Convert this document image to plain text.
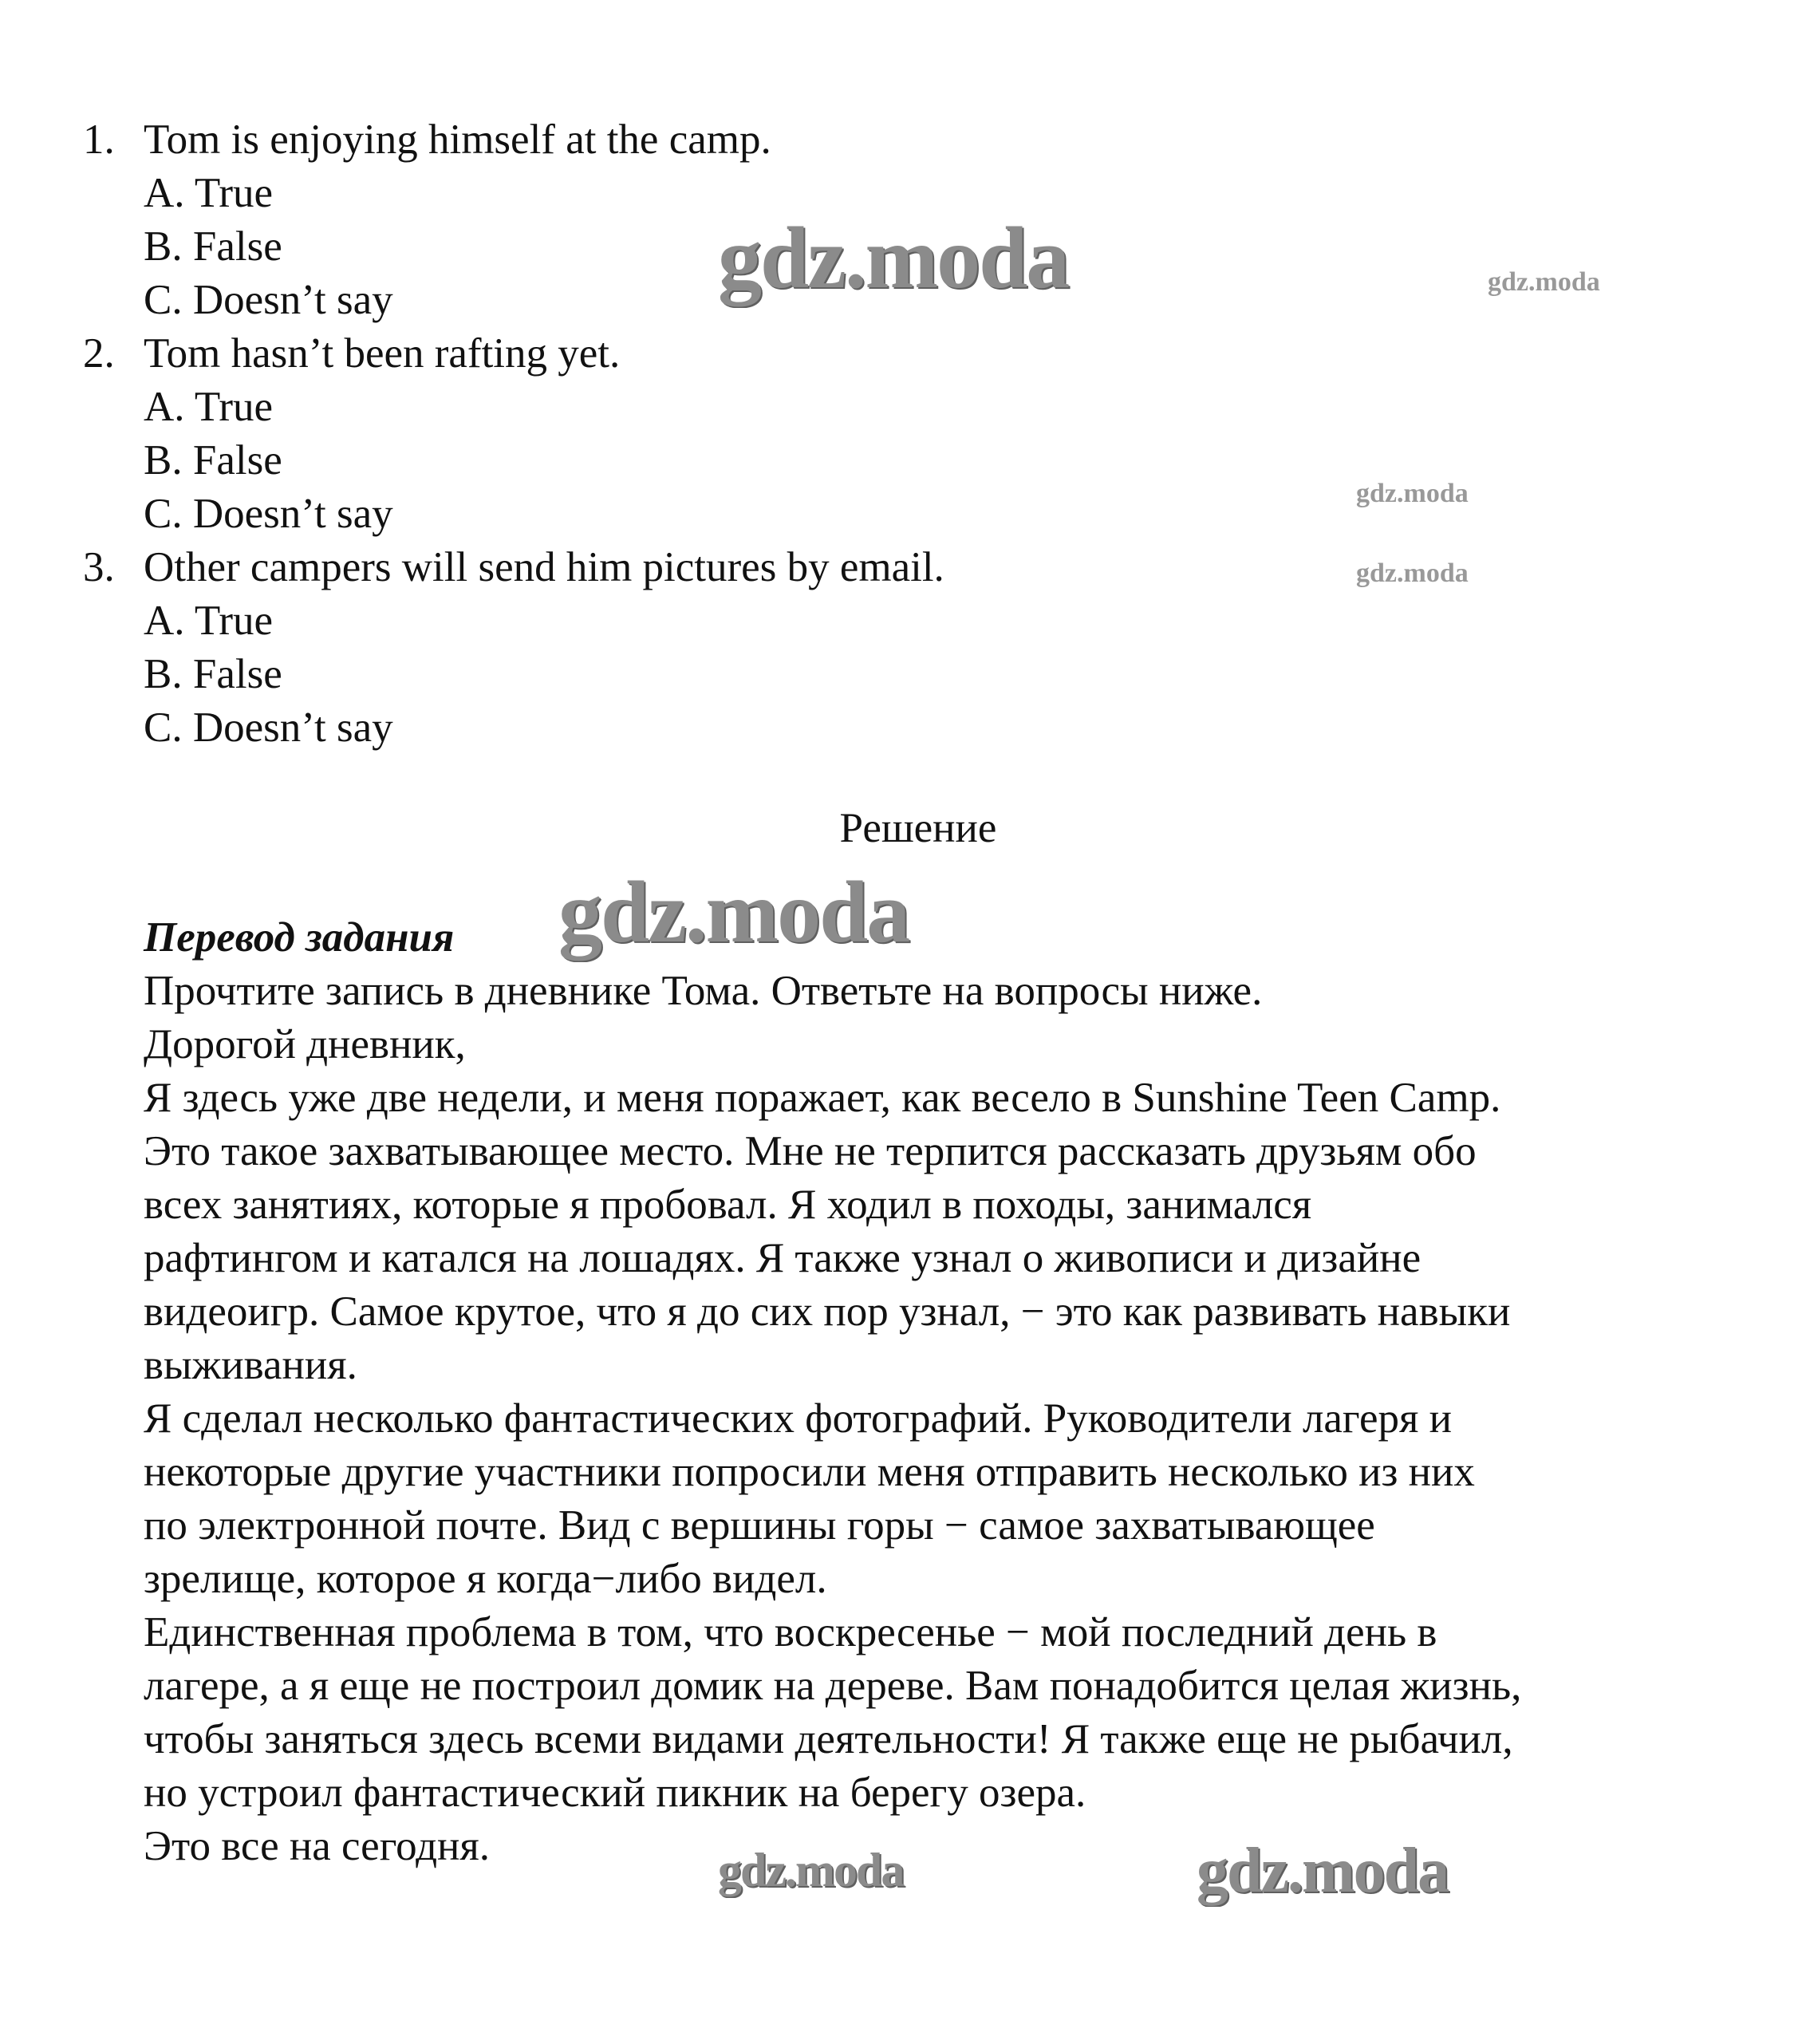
1. Tom is enjoying himself at the camp.
A. True
B. False
C. Doesn’t say
2. Tom hasn’t been rafting yet.
A. True
B. False
C. Doesn’t say
3. Other campers will send him pictures by email.
A. True
B. False
C. Doesn’t say
Решение
Перевод задания
Прочтите запись в дневнике Тома. Ответьте на вопросы ниже.
Дорогой дневник,
Я здесь уже две недели, и меня поражает, как весело в Sunshine Teen Camp.
Это такое захватывающее место. Мне не терпится рассказать друзьям обо
всех занятиях, которые я пробовал. Я ходил в походы, занимался
рафтингом и катался на лошадях. Я также узнал о живописи и дизайне
видеоигр. Самое крутое, что я до сих пор узнал, − это как развивать навыки
выживания.
Я сделал несколько фантастических фотографий. Руководители лагеря и
некоторые другие участники попросили меня отправить несколько из них
по электронной почте. Вид с вершины горы − самое захватывающее
зрелище, которое я когда−либо видел.
Единственная проблема в том, что воскресенье − мой последний день в
лагере, а я еще не построил домик на дереве. Вам понадобится целая жизнь,
чтобы заняться здесь всеми видами деятельности! Я также еще не рыбачил,
но устроил фантастический пикник на берегу озера.
Это все на сегодня.
gdz.moda	gdz.moda
gdz.moda
gdz.moda
gdz.moda
gdz.moda
gdz.moda
